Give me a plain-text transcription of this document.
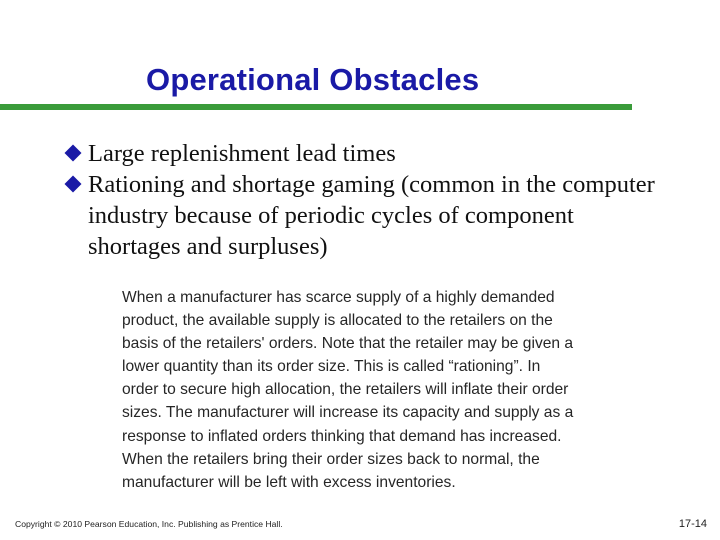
Operational Obstacles
Large replenishment lead times
Rationing and shortage gaming (common in the computer industry because of periodic cycles of component shortages and surpluses)
When a manufacturer has scarce supply of a highly demanded
product, the available supply is allocated to the retailers on the
basis of the retailers' orders. Note that the retailer may be given a
lower quantity than its order size. This is called “rationing”. In
order to secure high allocation, the retailers will inflate their order
sizes. The manufacturer will increase its capacity and supply as a
response to inflated orders thinking that demand has increased.
When the retailers bring their order sizes back to normal, the
manufacturer will be left with excess inventories.
Copyright © 2010 Pearson Education, Inc. Publishing as Prentice Hall.	17-14
